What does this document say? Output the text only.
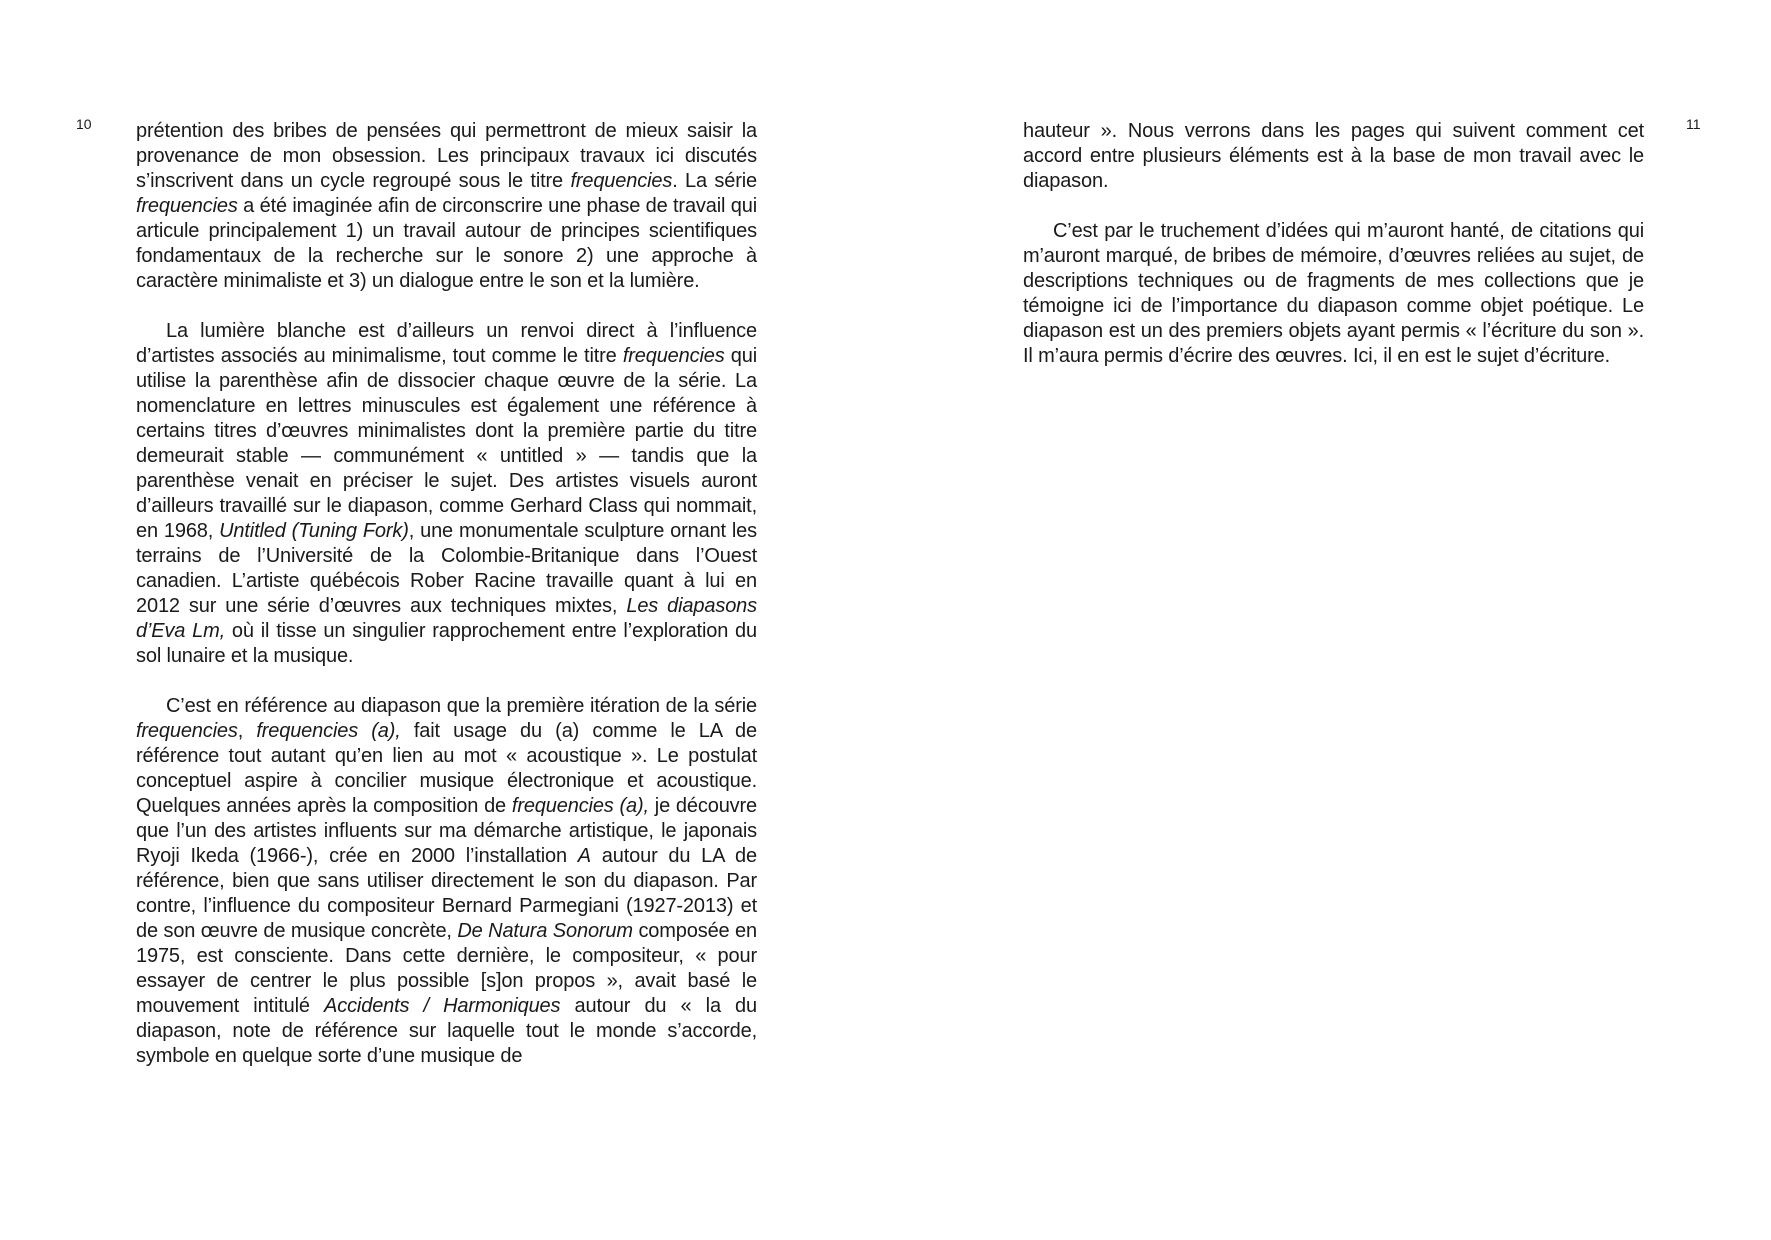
10	11

prétention des bribes de pensées qui permettront de mieux saisir la provenance de mon obsession. Les principaux travaux ici discutés s’inscrivent dans un cycle regroupé sous le titre frequencies. La série frequencies a été imaginée afin de circonscrire une phase de travail qui articule principalement 1) un travail autour de principes scientifiques fondamentaux de la recherche sur le sonore 2) une approche à caractère minimaliste et 3) un dialogue entre le son et la lumière.

La lumière blanche est d’ailleurs un renvoi direct à l’influence d’artistes associés au minimalisme, tout comme le titre frequencies qui utilise la parenthèse afin de dissocier chaque œuvre de la série. La nomenclature en lettres minuscules est également une référence à certains titres d’œuvres minimalistes dont la première partie du titre demeurait stable — communément « untitled » — tandis que la parenthèse venait en préciser le sujet. Des artistes visuels auront d’ailleurs travaillé sur le diapason, comme Gerhard Class qui nommait, en 1968, Untitled (Tuning Fork), une monumentale sculpture ornant les terrains de l’Université de la Colombie-Britanique dans l’Ouest canadien. L’artiste québécois Rober Racine travaille quant à lui en 2012 sur une série d’œuvres aux techniques mixtes, Les diapasons d’Eva Lm, où il tisse un singulier rapprochement entre l’exploration du sol lunaire et la musique.

C’est en référence au diapason que la première itération de la série frequencies, frequencies (a), fait usage du (a) comme le LA de référence tout autant qu’en lien au mot « acoustique ». Le postulat conceptuel aspire à concilier musique électronique et acoustique. Quelques années après la composition de frequencies (a), je découvre que l’un des artistes influents sur ma démarche artistique, le japonais Ryoji Ikeda (1966-), crée en 2000 l’installation A autour du LA de référence, bien que sans utiliser directement le son du diapason. Par contre, l’influence du compositeur Bernard Parmegiani (1927-2013) et de son œuvre de musique concrète, De Natura Sonorum composée en 1975, est consciente. Dans cette dernière, le compositeur, « pour essayer de centrer le plus possible [s]on propos », avait basé le mouvement intitulé Accidents / Harmoniques autour du « la du diapason, note de référence sur laquelle tout le monde s’accorde, symbole en quelque sorte d’une musique de

hauteur ». Nous verrons dans les pages qui suivent comment cet accord entre plusieurs éléments est à la base de mon travail avec le diapason.

C’est par le truchement d’idées qui m’auront hanté, de citations qui m’auront marqué, de bribes de mémoire, d’œuvres reliées au sujet, de descriptions techniques ou de fragments de mes collections que je témoigne ici de l’importance du diapason comme objet poétique. Le diapason est un des premiers objets ayant permis « l’écriture du son ». Il m’aura permis d’écrire des œuvres. Ici, il en est le sujet d’écriture.
